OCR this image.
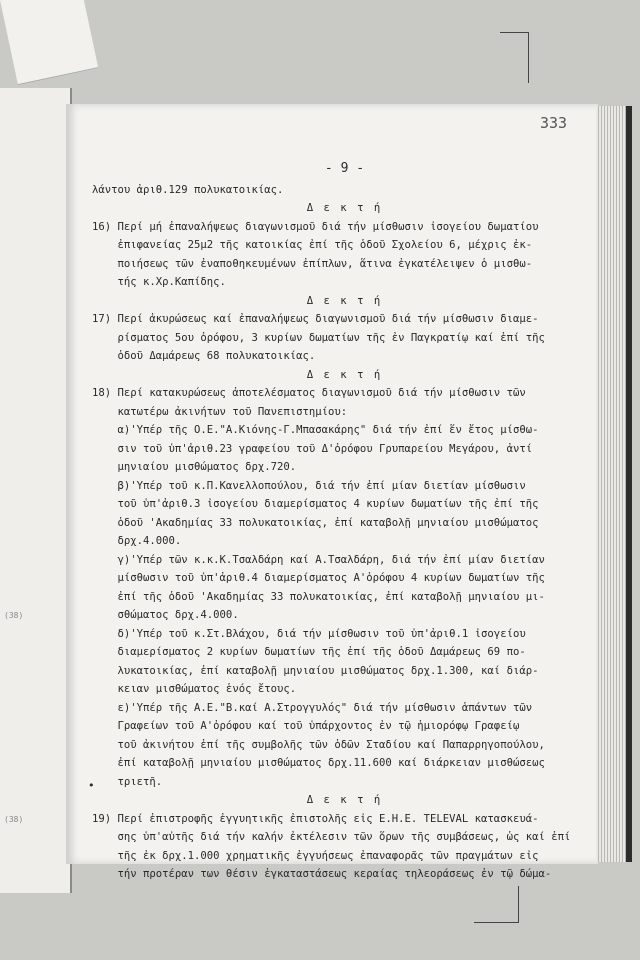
(38)
(38)
333
- 9 -
λάντου ἀριθ.129 πολυκατοικίας.
Δ ε κ τ ή
16) Περί μή ἐπαναλήψεως διαγωνισμοῦ διά τήν μίσθωσιν ἰσογείου δωματίου
ἐπιφανείας 25μ2 τῆς κατοικίας ἐπί τῆς ὁδοῦ Σχολείου 6, μέχρις ἐκ-
ποιήσεως τῶν ἐναποθηκευμένων ἐπίπλων, ἅτινα ἐγκατέλειψεν ὁ μισθω-
τής κ.Χρ.Καπίδης.
Δ ε κ τ ή
17) Περί ἀκυρώσεως καί ἐπαναλήψεως διαγωνισμοῦ διά τήν μίσθωσιν διαμε-
ρίσματος 5ου ὀρόφου, 3 κυρίων δωματίων τῆς ἐν Παγκρατίῳ καί ἐπί τῆς
ὁδοῦ Δαμάρεως 68 πολυκατοικίας.
Δ ε κ τ ή
18) Περί κατακυρώσεως ἀποτελέσματος διαγωνισμοῦ διά τήν μίσθωσιν τῶν
κατωτέρω ἀκινήτων τοῦ Πανεπιστημίου:
α)'Υπέρ τῆς Ο.Ε."Α.Κιόνης-Γ.Μπασακάρης" διά τήν ἐπί ἕν ἔτος μίσθω-
σιν τοῦ ὑπ'ἀριθ.23 γραφείου τοῦ Δ'ὀρόφου Γρυπαρείου Μεγάρου, ἀντί
μηνιαίου μισθώματος δρχ.720.
β)'Υπέρ τοῦ κ.Π.Κανελλοπούλου, διά τήν ἐπί μίαν διετίαν μίσθωσιν
τοῦ ὑπ'ἀριθ.3 ἰσογείου διαμερίσματος 4 κυρίων δωματίων τῆς ἐπί τῆς
ὁδοῦ 'Ακαδημίας 33 πολυκατοικίας, ἐπί καταβολῇ μηνιαίου μισθώματος
δρχ.4.000.
γ)'Υπέρ τῶν κ.κ.Κ.Τσαλδάρη καί Α.Τσαλδάρη, διά τήν ἐπί μίαν διετίαν
μίσθωσιν τοῦ ὑπ'ἀριθ.4 διαμερίσματος Α'ὀρόφου 4 κυρίων δωματίων τῆς
ἐπί τῆς ὁδοῦ 'Ακαδημίας 33 πολυκατοικίας, ἐπί καταβολῇ μηνιαίου μι-
σθώματος δρχ.4.000.
δ)'Υπέρ τοῦ κ.Στ.Βλάχου, διά τήν μίσθωσιν τοῦ ὑπ'ἀριθ.1 ἰσογείου
διαμερίσματος 2 κυρίων δωματίων τῆς ἐπί τῆς ὁδοῦ Δαμάρεως 69 πο-
λυκατοικίας, ἐπί καταβολῇ μηνιαίου μισθώματος δρχ.1.300, καί διάρ-
κειαν μισθώματος ἑνός ἔτους.
ε)'Υπέρ τῆς Α.Ε."Β.καί Α.Στρογγυλός" διά τήν μίσθωσιν ἁπάντων τῶν
Γραφείων τοῦ Α'ὀρόφου καί τοῦ ὑπάρχοντος ἐν τῷ ἡμιορόφῳ Γραφείῳ
τοῦ ἀκινήτου ἐπί τῆς συμβολῆς τῶν ὁδῶν Σταδίου καί Παπαρρηγοπούλου,
ἐπί καταβολῇ μηνιαίου μισθώματος δρχ.11.600 καί διάρκειαν μισθώσεως
τριετῆ.
Δ ε κ τ ή
19) Περί ἐπιστροφῆς ἐγγυητικῆς ἐπιστολῆς εἰς Ε.Η.Ε. TELEVAL κατασκευά-
σης ὑπ'αὐτῆς διά τήν καλήν ἐκτέλεσιν τῶν ὅρων τῆς συμβάσεως, ὡς καί ἐπί
τῆς ἐκ δρχ.1.000 χρηματικῆς ἐγγυήσεως ἐπαναφορᾶς τῶν πραγμάτων εἰς
τήν προτέραν των θέσιν ἐγκαταστάσεως κεραίας τηλεοράσεως ἐν τῷ δώμα-
•
